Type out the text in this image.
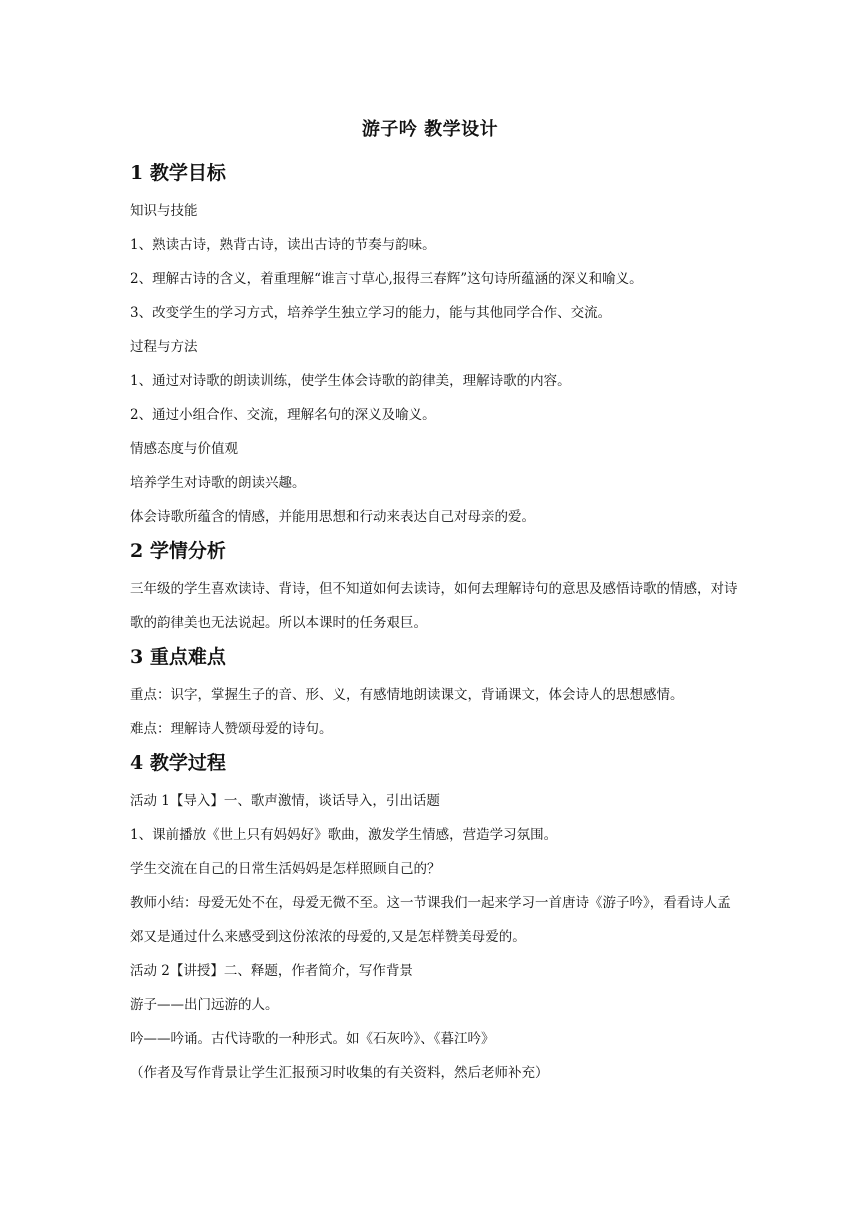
游子吟 教学设计
1 教学目标

知识与技能

1、熟读古诗，熟背古诗，读出古诗的节奏与韵味。

2、理解古诗的含义，着重理解“谁言寸草心,报得三春辉”这句诗所蕴涵的深义和喻义。

3、改变学生的学习方式，培养学生独立学习的能力，能与其他同学合作、交流。

过程与方法

1、通过对诗歌的朗读训练，使学生体会诗歌的韵律美，理解诗歌的内容。

2、通过小组合作、交流，理解名句的深义及喻义。

情感态度与价值观

培养学生对诗歌的朗读兴趣。

体会诗歌所蕴含的情感，并能用思想和行动来表达自己对母亲的爱。

2 学情分析

三年级的学生喜欢读诗、背诗，但不知道如何去读诗，如何去理解诗句的意思及感悟诗歌的情感，对诗歌的韵律美也无法说起。所以本课时的任务艰巨。

3 重点难点

重点：识字，掌握生子的音、形、义，有感情地朗读课文，背诵课文，体会诗人的思想感情。

难点：理解诗人赞颂母爱的诗句。

4 教学过程

活动 1【导入】一、歌声激情，谈话导入，引出话题

1、课前播放《世上只有妈妈好》歌曲，激发学生情感，营造学习氛围。

学生交流在自己的日常生活妈妈是怎样照顾自己的？

教师小结：母爱无处不在，母爱无微不至。这一节课我们一起来学习一首唐诗《游子吟》，看看诗人孟郊又是通过什么来感受到这份浓浓的母爱的,又是怎样赞美母爱的。

活动 2【讲授】二、释题，作者简介，写作背景

游子——出门远游的人。

吟——吟诵。古代诗歌的一种形式。如《石灰吟》、《暮江吟》

（作者及写作背景让学生汇报预习时收集的有关资料，然后老师补充）
